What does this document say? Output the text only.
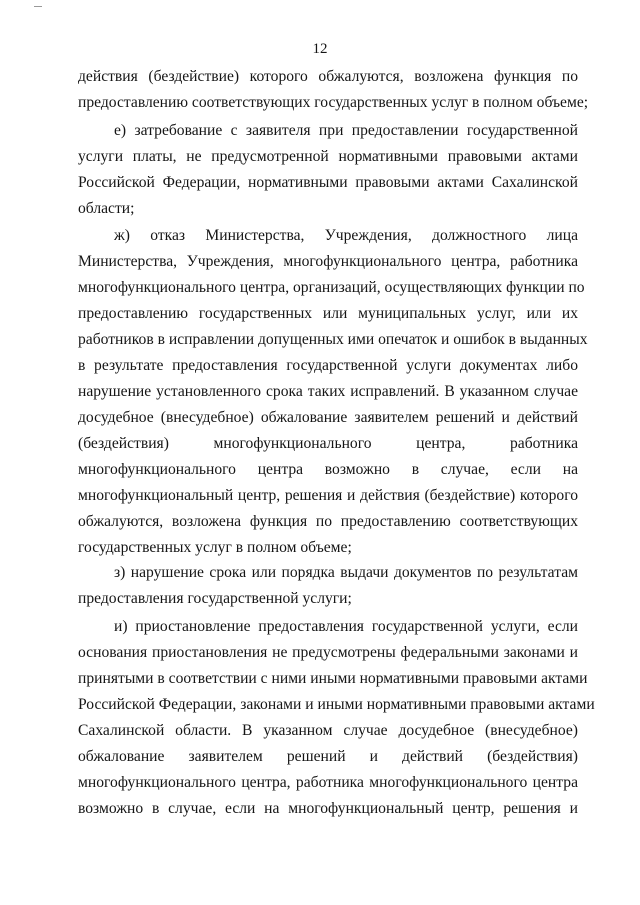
12
действия (бездействие) которого обжалуются, возложена функция по
предоставлению соответствующих государственных услуг в полном объеме;
е) затребование с заявителя при предоставлении государственной
услуги платы, не предусмотренной нормативными правовыми актами
Российской Федерации, нормативными правовыми актами Сахалинской
области;
ж) отказ Министерства, Учреждения, должностного лица
Министерства, Учреждения, многофункционального центра, работника
многофункционального центра, организаций, осуществляющих функции по
предоставлению государственных или муниципальных услуг, или их
работников в исправлении допущенных ими опечаток и ошибок в выданных
в результате предоставления государственной услуги документах либо
нарушение установленного срока таких исправлений. В указанном случае
досудебное (внесудебное) обжалование заявителем решений и действий
(бездействия) многофункционального центра, работника
многофункционального центра возможно в случае, если на
многофункциональный центр, решения и действия (бездействие) которого
обжалуются, возложена функция по предоставлению соответствующих
государственных услуг в полном объеме;
з) нарушение срока или порядка выдачи документов по результатам
предоставления государственной услуги;
и) приостановление предоставления государственной услуги, если
основания приостановления не предусмотрены федеральными законами и
принятыми в соответствии с ними иными нормативными правовыми актами
Российской Федерации, законами и иными нормативными правовыми актами
Сахалинской области. В указанном случае досудебное (внесудебное)
обжалование заявителем решений и действий (бездействия)
многофункционального центра, работника многофункционального центра
возможно в случае, если на многофункциональный центр, решения и
